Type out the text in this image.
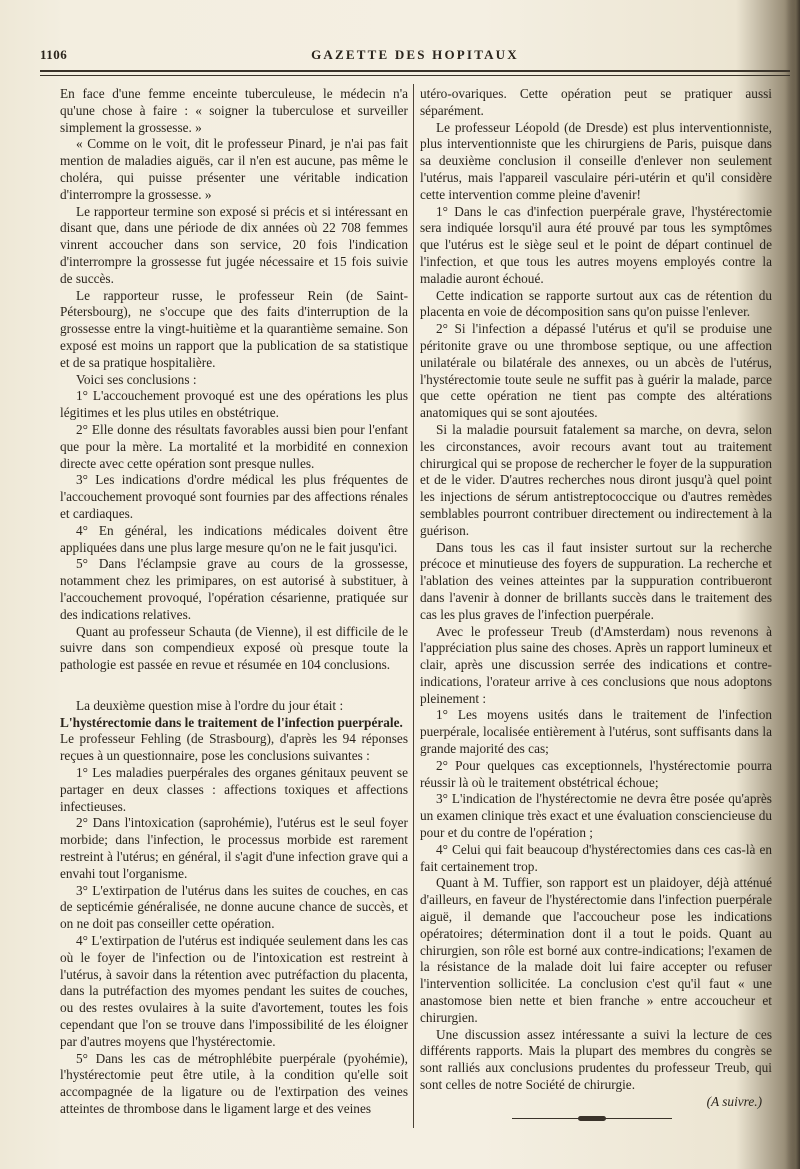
1106	GAZETTE DES HOPITAUX

En face d'une femme enceinte tuberculeuse, le médecin n'a qu'une chose à faire : « soigner la tuberculose et surveiller simplement la grossesse. »

« Comme on le voit, dit le professeur Pinard, je n'ai pas fait mention de maladies aiguës, car il n'en est aucune, pas même le choléra, qui puisse présenter une véritable indication d'interrompre la grossesse. »

Le rapporteur termine son exposé si précis et si intéressant en disant que, dans une période de dix années où 22 708 femmes vinrent accoucher dans son service, 20 fois l'indication d'interrompre la grossesse fut jugée nécessaire et 15 fois suivie de succès.

Le rapporteur russe, le professeur Rein (de Saint-Pétersbourg), ne s'occupe que des faits d'interruption de la grossesse entre la vingt-huitième et la quarantième semaine. Son exposé est moins un rapport que la publication de sa statistique et de sa pratique hospitalière.

Voici ses conclusions :

1° L'accouchement provoqué est une des opérations les plus légitimes et les plus utiles en obstétrique.

2° Elle donne des résultats favorables aussi bien pour l'enfant que pour la mère. La mortalité et la morbidité en connexion directe avec cette opération sont presque nulles.

3° Les indications d'ordre médical les plus fréquentes de l'accouchement provoqué sont fournies par des affections rénales et cardiaques.

4° En général, les indications médicales doivent être appliquées dans une plus large mesure qu'on ne le fait jusqu'ici.

5° Dans l'éclampsie grave au cours de la grossesse, notamment chez les primipares, on est autorisé à substituer, à l'accouchement provoqué, l'opération césarienne, pratiquée sur des indications relatives.

Quant au professeur Schauta (de Vienne), il est difficile de le suivre dans son compendieux exposé où presque toute la pathologie est passée en revue et résumée en 104 conclusions.

La deuxième question mise à l'ordre du jour était :

L'hystérectomie dans le traitement de l'infection puerpérale.

Le professeur Fehling (de Strasbourg), d'après les 94 réponses reçues à un questionnaire, pose les conclusions suivantes :

1° Les maladies puerpérales des organes génitaux peuvent se partager en deux classes : affections toxiques et affections infectieuses.

2° Dans l'intoxication (saprohémie), l'utérus est le seul foyer morbide; dans l'infection, le processus morbide est rarement restreint à l'utérus; en général, il s'agit d'une infection grave qui a envahi tout l'organisme.

3° L'extirpation de l'utérus dans les suites de couches, en cas de septicémie généralisée, ne donne aucune chance de succès, et on ne doit pas conseiller cette opération.

4° L'extirpation de l'utérus est indiquée seulement dans les cas où le foyer de l'infection ou de l'intoxication est restreint à l'utérus, à savoir dans la rétention avec putréfaction du placenta, dans la putréfaction des myomes pendant les suites de couches, ou des restes ovulaires à la suite d'avortement, toutes les fois cependant que l'on se trouve dans l'impossibilité de les éloigner par d'autres moyens que l'hystérectomie.

5° Dans les cas de métrophlébite puerpérale (pyohémie), l'hystérectomie peut être utile, à la condition qu'elle soit accompagnée de la ligature ou de l'extirpation des veines atteintes de thrombose dans le ligament large et des veines

utéro-ovariques. Cette opération peut se pratiquer aussi séparément.

Le professeur Léopold (de Dresde) est plus interventionniste, plus interventionniste que les chirurgiens de Paris, puisque dans sa deuxième conclusion il conseille d'enlever non seulement l'utérus, mais l'appareil vasculaire péri-utérin et qu'il considère cette intervention comme pleine d'avenir!

1° Dans le cas d'infection puerpérale grave, l'hystérectomie sera indiquée lorsqu'il aura été prouvé par tous les symptômes que l'utérus est le siège seul et le point de départ continuel de l'infection, et que tous les autres moyens employés contre la maladie auront échoué.

Cette indication se rapporte surtout aux cas de rétention du placenta en voie de décomposition sans qu'on puisse l'enlever.

2° Si l'infection a dépassé l'utérus et qu'il se produise une péritonite grave ou une thrombose septique, ou une affection unilatérale ou bilatérale des annexes, ou un abcès de l'utérus, l'hystérectomie toute seule ne suffit pas à guérir la malade, parce que cette opération ne tient pas compte des altérations anatomiques qui se sont ajoutées.

Si la maladie poursuit fatalement sa marche, on devra, selon les circonstances, avoir recours avant tout au traitement chirurgical qui se propose de rechercher le foyer de la suppuration et de le vider. D'autres recherches nous diront jusqu'à quel point les injections de sérum antistreptococcique ou d'autres remèdes semblables pourront contribuer directement ou indirectement à la guérison.

Dans tous les cas il faut insister surtout sur la recherche précoce et minutieuse des foyers de suppuration. La recherche et l'ablation des veines atteintes par la suppuration contribueront dans l'avenir à donner de brillants succès dans le traitement des cas les plus graves de l'infection puerpérale.

Avec le professeur Treub (d'Amsterdam) nous revenons à l'appréciation plus saine des choses. Après un rapport lumineux et clair, après une discussion serrée des indications et contre-indications, l'orateur arrive à ces conclusions que nous adoptons pleinement :

1° Les moyens usités dans le traitement de l'infection puerpérale, localisée entièrement à l'utérus, sont suffisants dans la grande majorité des cas;

2° Pour quelques cas exceptionnels, l'hystérectomie pourra réussir là où le traitement obstétrical échoue;

3° L'indication de l'hystérectomie ne devra être posée qu'après un examen clinique très exact et une évaluation consciencieuse du pour et du contre de l'opération ;

4° Celui qui fait beaucoup d'hystérectomies dans ces cas-là en fait certainement trop.

Quant à M. Tuffier, son rapport est un plaidoyer, déjà atténué d'ailleurs, en faveur de l'hystérectomie dans l'infection puerpérale aiguë, il demande que l'accoucheur pose les indications opératoires; détermination dont il a tout le poids. Quant au chirurgien, son rôle est borné aux contre-indications; l'examen de la résistance de la malade doit lui faire accepter ou refuser l'intervention sollicitée. La conclusion c'est qu'il faut « une anastomose bien nette et bien franche » entre accoucheur et chirurgien.

Une discussion assez intéressante a suivi la lecture de ces différents rapports. Mais la plupart des membres du congrès se sont ralliés aux conclusions prudentes du professeur Treub, qui sont celles de notre Société de chirurgie.

(A suivre.)
